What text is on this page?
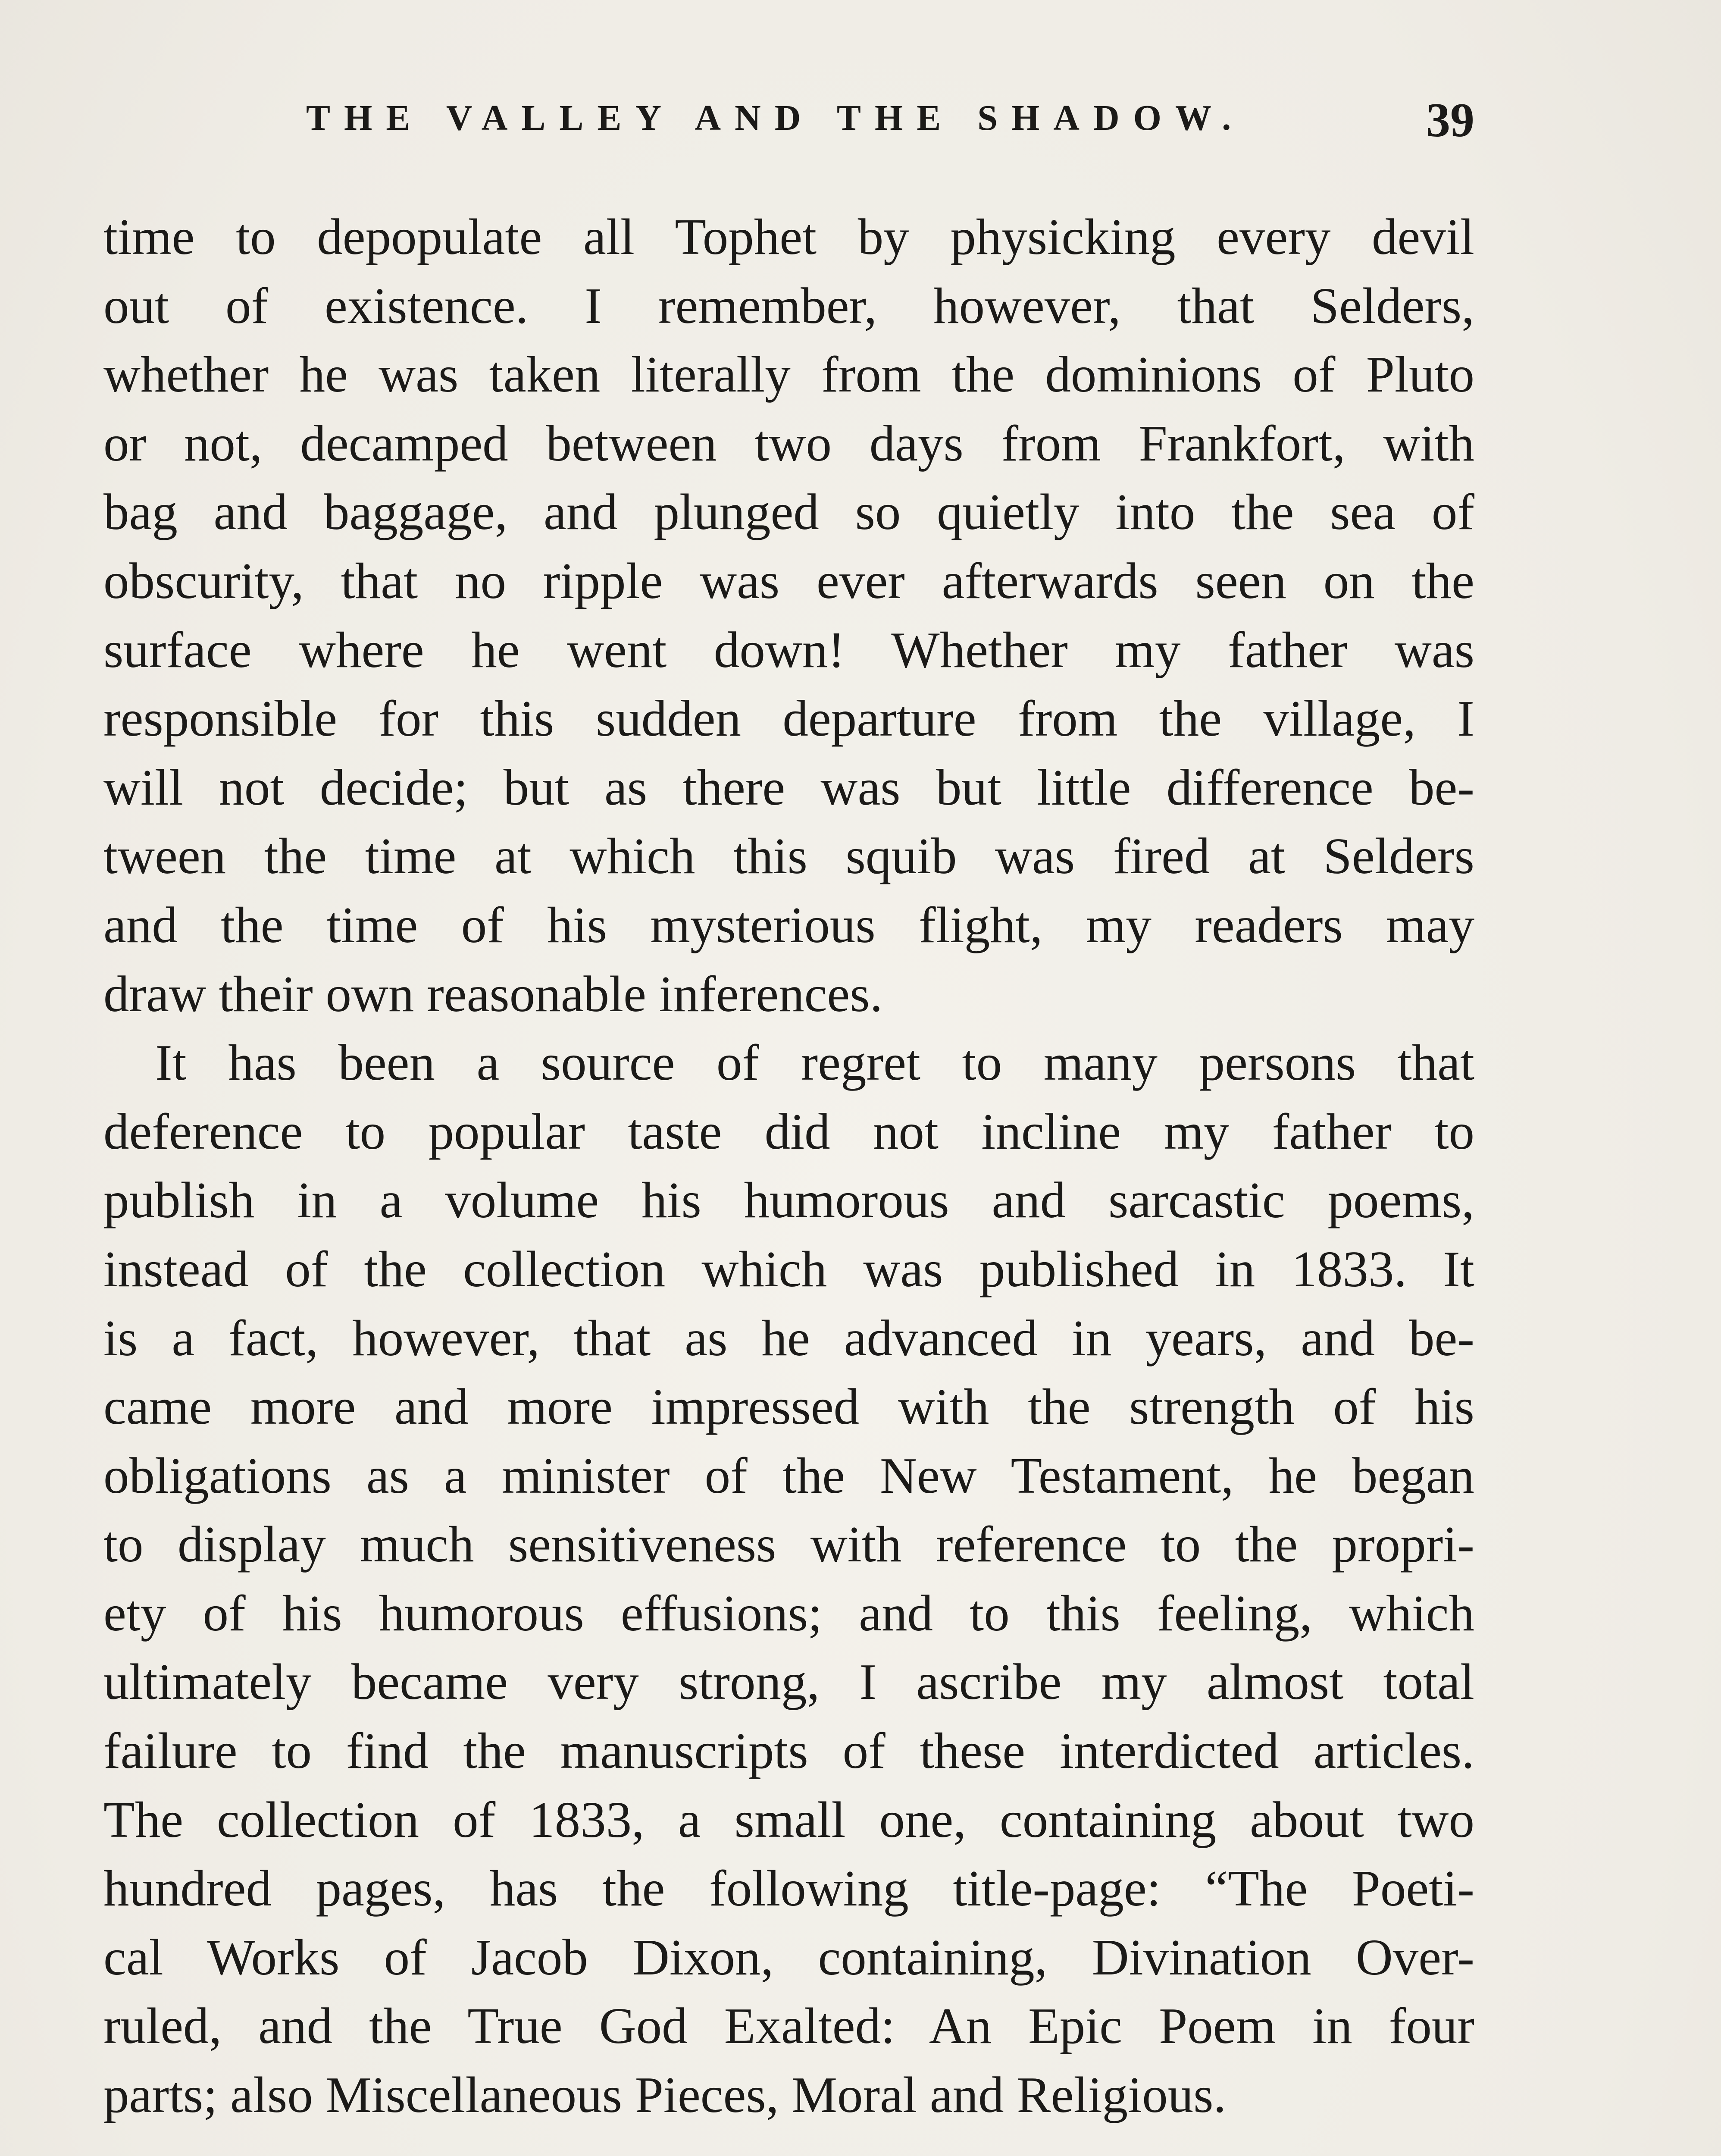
THE VALLEY AND THE SHADOW.	39
time to depopulate all Tophet by physicking every devil
out of existence. I remember, however, that Selders,
whether he was taken literally from the dominions of Pluto
or not, decamped between two days from Frankfort, with
bag and baggage, and plunged so quietly into the sea of
obscurity, that no ripple was ever afterwards seen on the
surface where he went down! Whether my father was
responsible for this sudden departure from the village, I
will not decide; but as there was but little difference be-
tween the time at which this squib was fired at Selders
and the time of his mysterious flight, my readers may
draw their own reasonable inferences.
It has been a source of regret to many persons that
deference to popular taste did not incline my father to
publish in a volume his humorous and sarcastic poems,
instead of the collection which was published in 1833. It
is a fact, however, that as he advanced in years, and be-
came more and more impressed with the strength of his
obligations as a minister of the New Testament, he began
to display much sensitiveness with reference to the propri-
ety of his humorous effusions; and to this feeling, which
ultimately became very strong, I ascribe my almost total
failure to find the manuscripts of these interdicted articles.
The collection of 1833, a small one, containing about two
hundred pages, has the following title-page: “The Poeti-
cal Works of Jacob Dixon, containing, Divination Over-
ruled, and the True God Exalted: An Epic Poem in four
parts; also Miscellaneous Pieces, Moral and Religious.
